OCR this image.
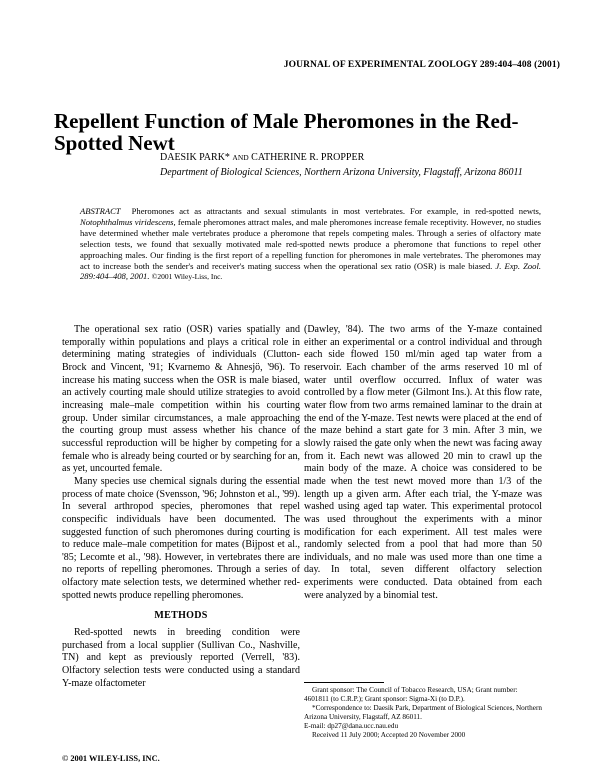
JOURNAL OF EXPERIMENTAL ZOOLOGY 289:404–408 (2001)
Repellent Function of Male Pheromones in the Red-Spotted Newt
DAESIK PARK* AND CATHERINE R. PROPPER
Department of Biological Sciences, Northern Arizona University, Flagstaff, Arizona 86011
ABSTRACT Pheromones act as attractants and sexual stimulants in most vertebrates. For example, in red-spotted newts, Notophthalmus viridescens, female pheromones attract males, and male pheromones increase female receptivity. However, no studies have determined whether male vertebrates produce a pheromone that repels competing males. Through a series of olfactory mate selection tests, we found that sexually motivated male red-spotted newts produce a pheromone that functions to repel other approaching males. Our finding is the first report of a repelling function for pheromones in male vertebrates. The pheromones may act to increase both the sender's and receiver's mating success when the operational sex ratio (OSR) is male biased. J. Exp. Zool. 289:404–408, 2001. ©2001 Wiley-Liss, Inc.

The operational sex ratio (OSR) varies spatially and temporally within populations and plays a critical role in determining mating strategies of individuals (Clutton-Brock and Vincent, '91; Kvarnemo & Ahnesjö, '96). To increase his mating success when the OSR is male biased, an actively courting male should utilize strategies to avoid increasing male–male competition within his courting group. Under similar circumstances, a male approaching the courting group must assess whether his chance of successful reproduction will be higher by competing for a female who is already being courted or by searching for an, as yet, uncourted female.

Many species use chemical signals during the essential process of mate choice (Svensson, '96; Johnston et al., '99). In several arthropod species, pheromones that repel conspecific individuals have been documented. The suggested function of such pheromones during courting is to reduce male–male competition for mates (Bijpost et al., '85; Lecomte et al., '98). However, in vertebrates there are no reports of repelling pheromones. Through a series of olfactory mate selection tests, we determined whether red-spotted newts produce repelling pheromones.

METHODS

Red-spotted newts in breeding condition were purchased from a local supplier (Sullivan Co., Nashville, TN) and kept as previously reported (Verrell, '83). Olfactory selection tests were conducted using a standard Y-maze olfactometer

(Dawley, '84). The two arms of the Y-maze contained either an experimental or a control individual and through each side flowed 150 ml/min aged tap water from a reservoir. Each chamber of the arms reserved 10 ml of water until overflow occurred. Influx of water was controlled by a flow meter (Gilmont Ins.). At this flow rate, water flow from two arms remained laminar to the drain at the end of the Y-maze. Test newts were placed at the end of the maze behind a start gate for 3 min. After 3 min, we slowly raised the gate only when the newt was facing away from it. Each newt was allowed 20 min to crawl up the main body of the maze. A choice was considered to be made when the test newt moved more than 1/3 of the length up a given arm. After each trial, the Y-maze was washed using aged tap water. This experimental protocol was used throughout the experiments with a minor modification for each experiment. All test males were randomly selected from a pool that had more than 50 individuals, and no male was used more than one time a day. In total, seven different olfactory selection experiments were conducted. Data obtained from each were analyzed by a binomial test.

Grant sponsor: The Council of Tobacco Research, USA; Grant number: 4601811 (to C.R.P.); Grant sponsor: Sigma-Xi (to D.P.).

*Correspondence to: Daesik Park, Department of Biological Sciences, Northern Arizona University, Flagstaff, AZ 86011.

E-mail: dp27@dana.ucc.nau.edu

Received 11 July 2000; Accepted 20 November 2000

© 2001 WILEY-LISS, INC.
